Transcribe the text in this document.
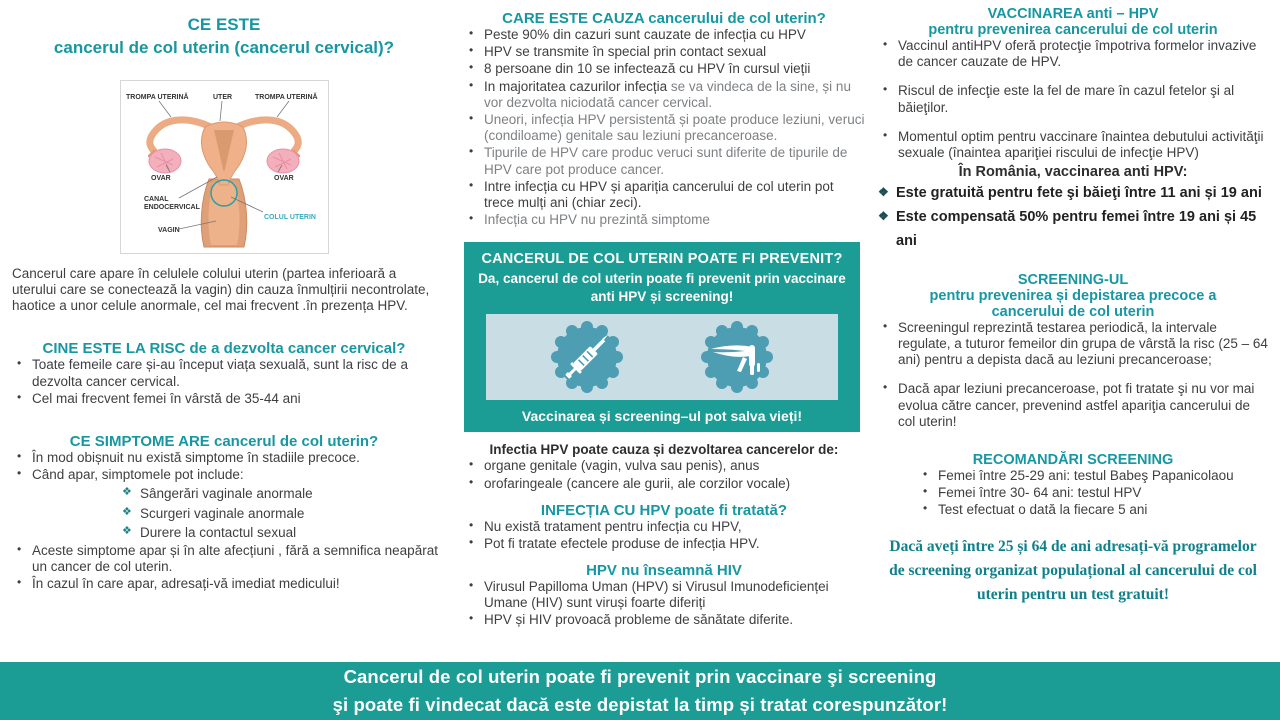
CE ESTE
cancerul de col uterin (cancerul cervical)?
TROMPA UTERINĂ	UTER	TROMPA UTERINĂ
OVAR	OVAR
CANAL
ENDOCERVICAL
COLUL UTERIN
VAGIN

Cancerul care apare în celulele colului uterin (partea inferioară a uterului care se conectează la vagin) din cauza înmulțirii necontrolate, haotice a unor celule anormale, cel mai frecvent .în prezența HPV.

CINE ESTE LA RISC de a dezvolta cancer cervical?
• Toate femeile care și-au început viața sexuală, sunt la risc de a dezvolta cancer cervical.
• Cel mai frecvent femei în vârstă de 35-44 ani
CE SIMPTOME ARE cancerul de col uterin?
• În mod obișnuit nu există simptome în stadiile precoce.
• Când apar, simptomele pot include:
❖ Sângerări vaginale anormale
❖ Scurgeri vaginale anormale
❖ Durere la contactul sexual
• Aceste simptome apar și în alte afecțiuni , fără a semnifica neapărat un cancer de col uterin.
• În cazul în care apar, adresați-vă imediat medicului!
CARE ESTE CAUZA cancerului de col uterin?
• Peste 90% din cazuri sunt cauzate de infecția cu HPV
• HPV se transmite în special prin contact sexual
• 8 persoane din 10 se infectează cu HPV în cursul vieții
• In majoritatea cazurilor infecția se va vindeca de la sine, și nu vor dezvolta niciodată cancer cervical.
• Uneori, infecția HPV persistentă și poate produce leziuni, veruci (condiloame) genitale sau leziuni precanceroase.
• Tipurile de HPV care produc veruci sunt diferite de tipurile de HPV care pot produce cancer.
• Intre infecția cu HPV și apariția cancerului de col uterin pot trece mulți ani (chiar zeci).
• Infecția cu HPV nu prezintă simptome
CANCERUL DE COL UTERIN POATE FI PREVENIT?
Da, cancerul de col uterin poate fi prevenit prin vaccinare anti HPV și screening!
Vaccinarea și screening–ul pot salva vieți!
Infectia HPV poate cauza și dezvoltarea cancerelor de:
• organe genitale (vagin, vulva sau penis), anus
• orofaringeale (cancere ale gurii, ale corzilor vocale)
INFECȚIA CU HPV poate fi tratată?
• Nu există tratament pentru infecția cu HPV,
• Pot fi tratate efectele produse de infecția HPV.
HPV nu înseamnă HIV
• Virusul Papilloma Uman (HPV) si Virusul Imunodeficienței Umane (HIV) sunt viruși foarte diferiți
• HPV și HIV provoacă probleme de sănătate diferite.
VACCINAREA anti – HPV
pentru prevenirea cancerului de col uterin
• Vaccinul antiHPV oferă protecţie împotriva formelor invazive de cancer cauzate de HPV.
• Riscul de infecţie este la fel de mare în cazul fetelor şi al băieţilor.
• Momentul optim pentru vaccinare înaintea debutului activităţii sexuale (înaintea apariţiei riscului de infecţie HPV)
În România, vaccinarea anti HPV:
❖ Este gratuită pentru fete şi băieţi între 11 ani și 19 ani
❖ Este compensată 50% pentru femei între 19 ani și 45 ani
SCREENING-UL
pentru prevenirea și depistarea precoce a cancerului de col uterin
• Screeningul reprezintă testarea periodică, la intervale regulate, a tuturor femeilor din grupa de vârstă la risc (25 – 64 ani) pentru a depista dacă au leziuni precanceroase;
• Dacă apar leziuni precanceroase, pot fi tratate şi nu vor mai evolua către cancer, prevenind astfel apariţia cancerului de col uterin!
RECOMANDĂRI SCREENING
• Femei între 25-29 ani: testul Babeş Papanicolaou
• Femei între 30- 64 ani: testul HPV
• Test efectuat o dată la fiecare 5 ani

Dacă aveți între 25 și 64 de ani adresați-vă programelor de screening organizat populațional al cancerului de col uterin pentru un test gratuit!

Cancerul de col uterin poate fi prevenit prin vaccinare şi screening
şi poate fi vindecat dacă este depistat la timp și tratat corespunzător!
